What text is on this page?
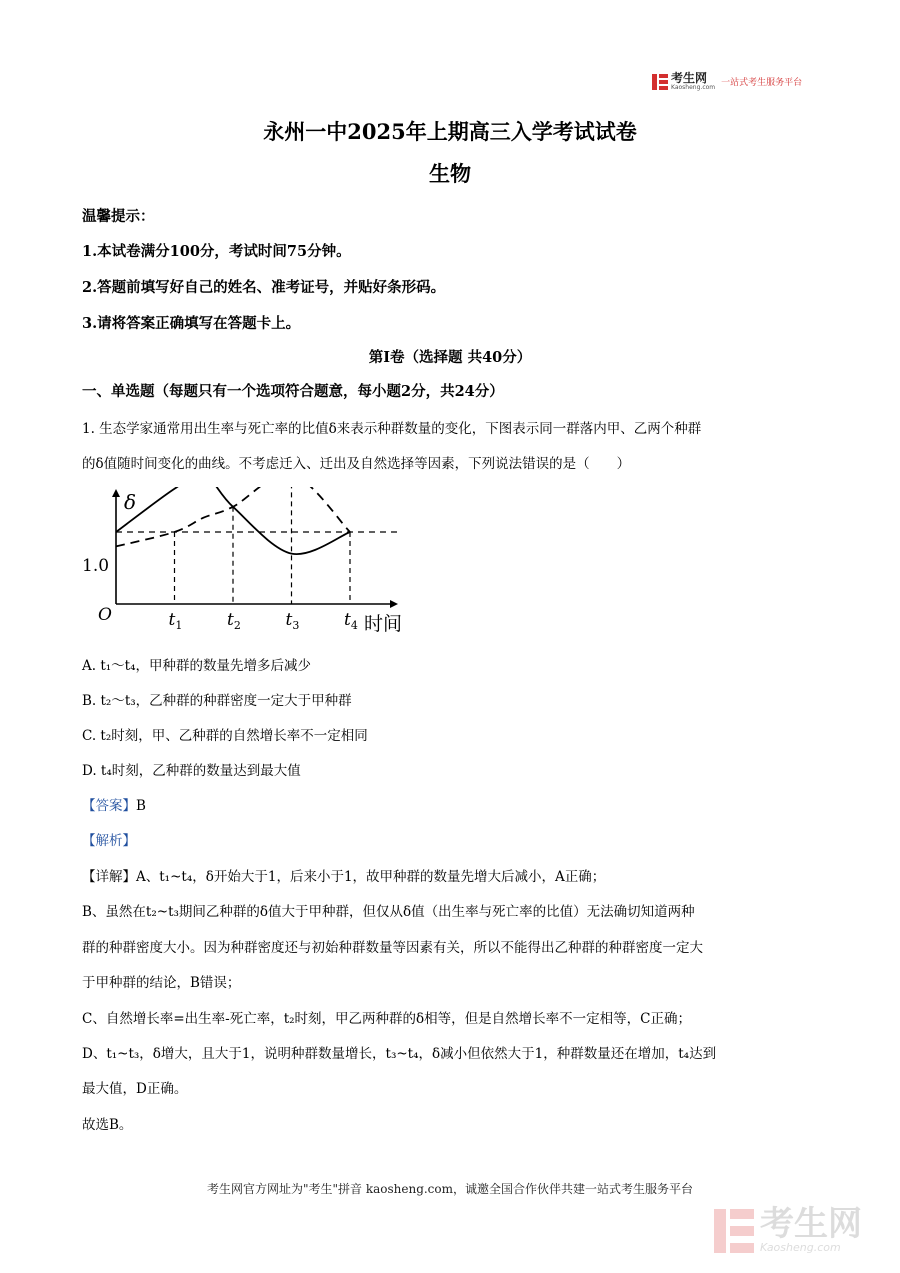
考生网
Kaosheng.com 一站式考生服务平台
永州一中2025年上期高三入学考试试卷
生物
温馨提示：
1.本试卷满分100分，考试时间75分钟。
2.答题前填写好自己的姓名、准考证号，并贴好条形码。
3.请将答案正确填写在答题卡上。
第Ⅰ卷（选择题 共40分）
一、单选题（每题只有一个选项符合题意，每小题2分，共24分）
1. 生态学家通常用出生率与死亡率的比值δ来表示种群数量的变化，下图表示同一群落内甲、乙两个种群
的δ值随时间变化的曲线。不考虑迁入、迁出及自然选择等因素，下列说法错误的是（　　）
δ
时间
O
1.0
$t_1$	$t_2$	$t_3$	$t_4$
A. t₁～t₄，甲种群的数量先增多后减少
B. t₂～t₃，乙种群的种群密度一定大于甲种群
C. t₂时刻，甲、乙种群的自然增长率不一定相同
D. t₄时刻，乙种群的数量达到最大值
【答案】B
【解析】
【详解】A、t₁~t₄，δ开始大于1，后来小于1，故甲种群的数量先增大后减小，A正确；
B、虽然在t₂~t₃期间乙种群的δ值大于甲种群，但仅从δ值（出生率与死亡率的比值）无法确切知道两种
群的种群密度大小。因为种群密度还与初始种群数量等因素有关，所以不能得出乙种群的种群密度一定大
于甲种群的结论，B错误；
C、自然增长率=出生率-死亡率，t₂时刻，甲乙两种群的δ相等，但是自然增长率不一定相等，C正确；
D、t₁~t₃，δ增大，且大于1，说明种群数量增长，t₃~t₄，δ减小但依然大于1，种群数量还在增加，t₄达到
最大值，D正确。
故选B。
考生网官方网址为"考生"拼音 kaosheng.com，诚邀全国合作伙伴共建一站式考生服务平台
考生网
Kaosheng.com
